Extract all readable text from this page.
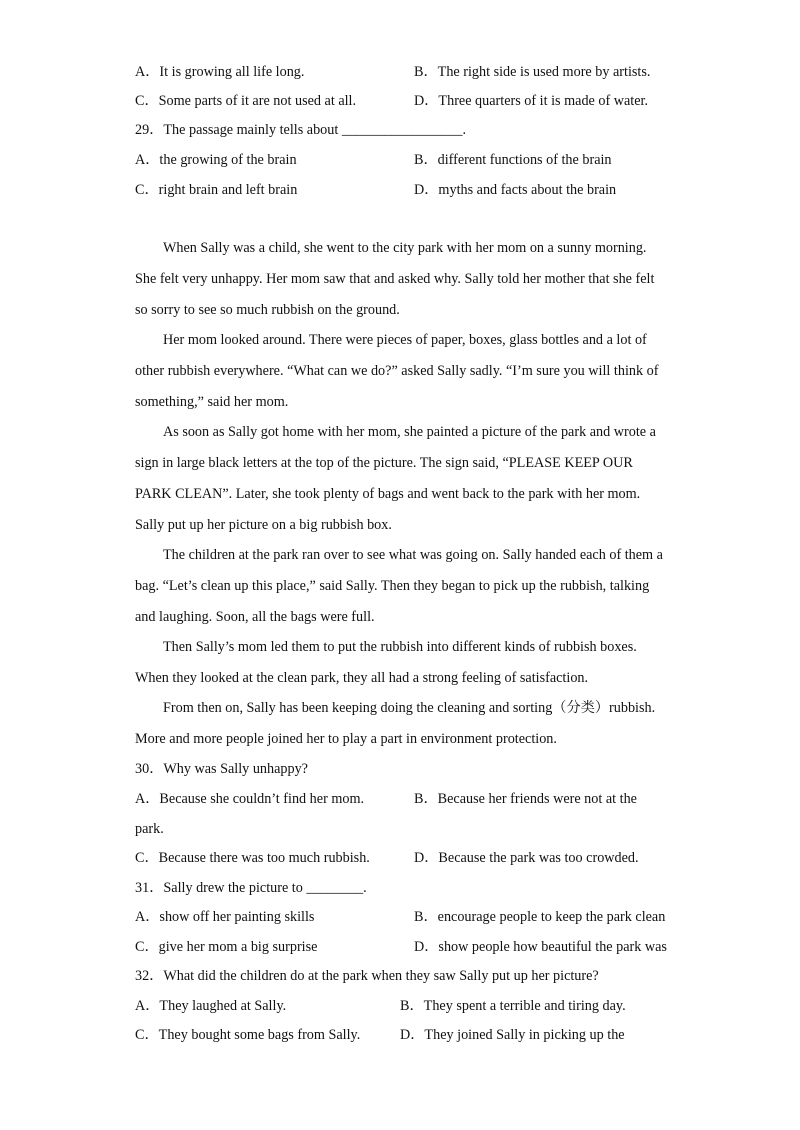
A．It is growing all life long.	B．The right side is used more by artists.
C．Some parts of it are not used at all.	D．Three quarters of it is made of water.
29．The passage mainly tells about _________________.
A．the growing of the brain	B．different functions of the brain
C．right brain and left brain	D．myths and facts about the brain
When Sally was a child, she went to the city park with her mom on a sunny morning.
She felt very unhappy. Her mom saw that and asked why. Sally told her mother that she felt
so sorry to see so much rubbish on the ground.
Her mom looked around. There were pieces of paper, boxes, glass bottles and a lot of
other rubbish everywhere. “What can we do?” asked Sally sadly. “I’m sure you will think of
something,” said her mom.
As soon as Sally got home with her mom, she painted a picture of the park and wrote a
sign in large black letters at the top of the picture. The sign said, “PLEASE KEEP OUR
PARK CLEAN”. Later, she took plenty of bags and went back to the park with her mom.
Sally put up her picture on a big rubbish box.
The children at the park ran over to see what was going on. Sally handed each of them a
bag. “Let’s clean up this place,” said Sally. Then they began to pick up the rubbish, talking
and laughing. Soon, all the bags were full.
Then Sally’s mom led them to put the rubbish into different kinds of rubbish boxes.
When they looked at the clean park, they all had a strong feeling of satisfaction.
From then on, Sally has been keeping doing the cleaning and sorting（分类）rubbish.
More and more people joined her to play a part in environment protection.
30．Why was Sally unhappy?
A．Because she couldn’t find her mom.	B．Because her friends were not at the
park.
C．Because there was too much rubbish.	D．Because the park was too crowded.
31．Sally drew the picture to ________.
A．show off her painting skills	B．encourage people to keep the park clean
C．give her mom a big surprise	D．show people how beautiful the park was
32．What did the children do at the park when they saw Sally put up her picture?
A．They laughed at Sally.	B．They spent a terrible and tiring day.
C．They bought some bags from Sally.	D．They joined Sally in picking up the
